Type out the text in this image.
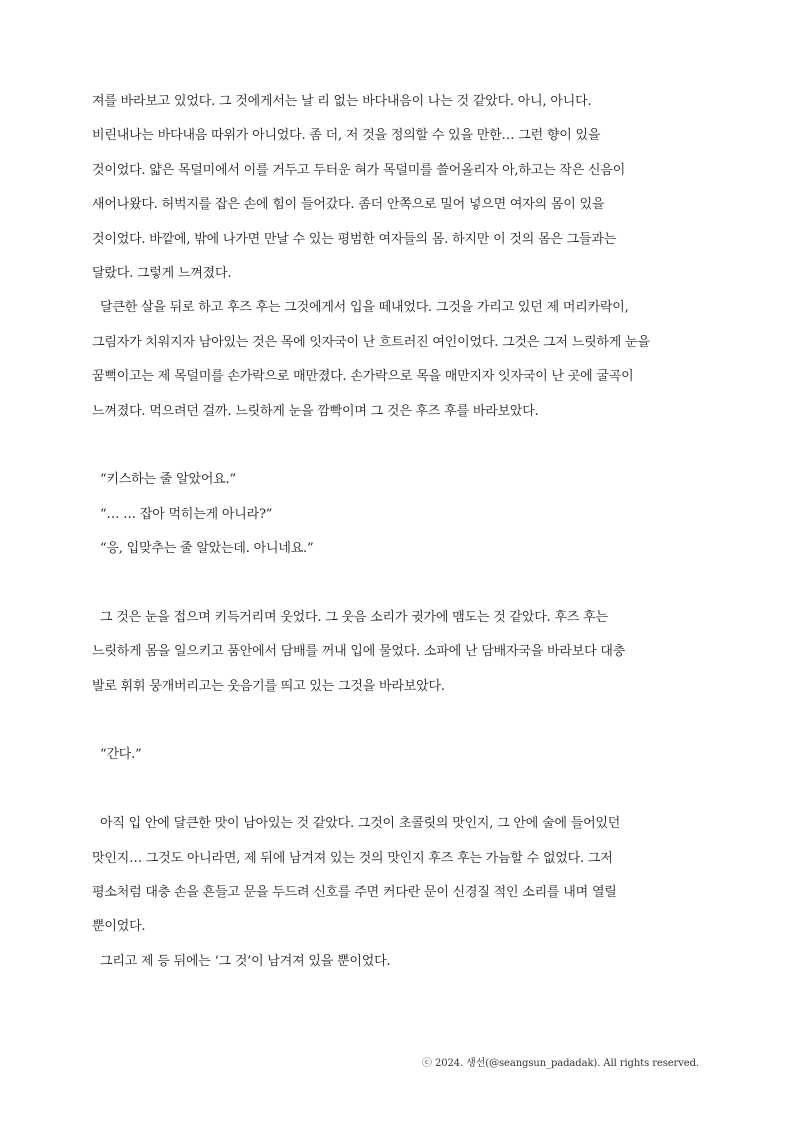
져를 바라보고 있었다. 그 것에게서는 날 리 없는 바다내음이 나는 것 같았다. 아니, 아니다.
비린내나는 바다내음 따위가 아니었다. 좀 더, 저 것을 정의할 수 있을 만한… 그런 향이 있을
것이었다. 얇은 목덜미에서 이를 거두고 두터운 혀가 목덜미를 쓸어올리자 아,하고는 작은 신음이
새어나왔다. 허벅지를 잡은 손에 힘이 들어갔다. 좀더 안쪽으로 밀어 넣으면 여자의 몸이 있을
것이었다. 바깥에, 밖에 나가면 만날 수 있는 평범한 여자들의 몸. 하지만 이 것의 몸은 그들과는
달랐다. 그렇게 느껴졌다.
달큰한 살을 뒤로 하고 후즈 후는 그것에게서 입을 떼내었다. 그것을 가리고 있던 제 머리카락이,
그림자가 치워지자 남아있는 것은 목에 잇자국이 난 흐트러진 여인이었다. 그것은 그저 느릿하게 눈을
꿈뻑이고는 제 목덜미를 손가락으로 매만졌다. 손가락으로 목을 매만지자 잇자국이 난 곳에 굴곡이
느껴졌다. 먹으려던 걸까. 느릿하게 눈을 깜빡이며 그 것은 후즈 후를 바라보았다.
“키스하는 줄 알았어요.”
“… … 잡아 먹히는게 아니라?”
“응, 입맞추는 줄 알았는데. 아니네요.”
그 것은 눈을 접으며 키득거리며 웃었다. 그 웃음 소리가 귓가에 맴도는 것 같았다. 후즈 후는
느릿하게 몸을 일으키고 품안에서 담배를 꺼내 입에 물었다. 소파에 난 담배자국을 바라보다 대충
발로 휘휘 뭉개버리고는 웃음기를 띄고 있는 그것을 바라보았다.
“간다.”
아직 입 안에 달큰한 맛이 남아있는 것 같았다. 그것이 초콜릿의 맛인지, 그 안에 술에 들어있던
맛인지… 그것도 아니라면, 제 뒤에 남겨져 있는 것의 맛인지 후즈 후는 가늠할 수 없었다. 그저
평소처럼 대충 손을 흔들고 문을 두드려 신호를 주면 커다란 문이 신경질 적인 소리를 내며 열릴
뿐이었다.
그리고 제 등 뒤에는 ‘그 것’이 남겨져 있을 뿐이었다.
ⓒ 2024. 생선(@seangsun_padadak). All rights reserved.
